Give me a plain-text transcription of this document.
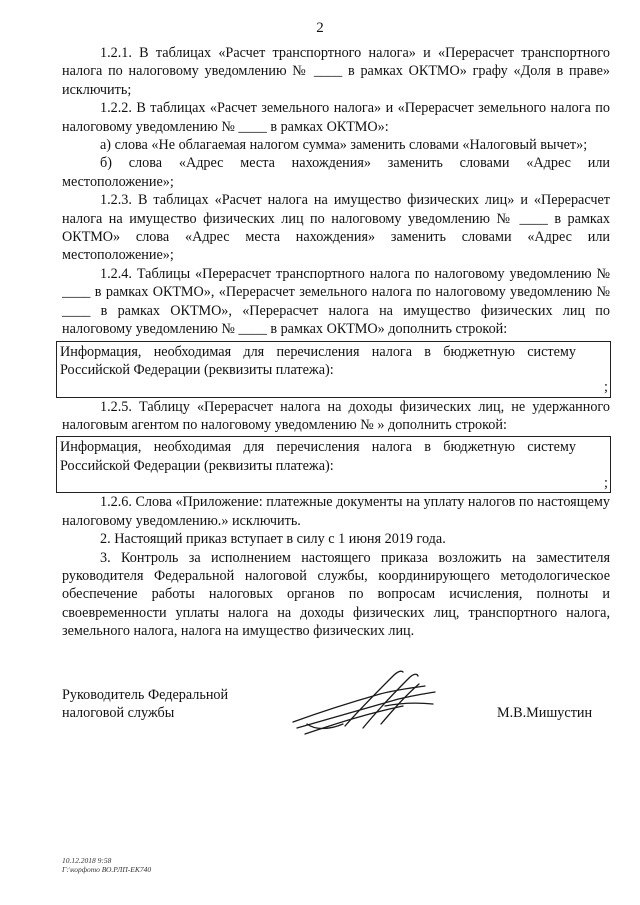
2

1.2.1. В таблицах «Расчет транспортного налога» и «Перерасчет транспортного налога по налоговому уведомлению № ____ в рамках ОКТМО» графу «Доля в праве» исключить;

1.2.2. В таблицах «Расчет земельного налога» и «Перерасчет земельного налога по налоговому уведомлению № ____ в рамках ОКТМО»:

а) слова «Не облагаемая налогом сумма» заменить словами «Налоговый вычет»;

б) слова «Адрес места нахождения» заменить словами «Адрес или местоположение»;

1.2.3. В таблицах «Расчет налога на имущество физических лиц» и «Перерасчет налога на имущество физических лиц по налоговому уведомлению № ____ в рамках ОКТМО» слова «Адрес места нахождения» заменить словами «Адрес или местоположение»;

1.2.4. Таблицы «Перерасчет транспортного налога по налоговому уведомлению № ____ в рамках ОКТМО», «Перерасчет земельного налога по налоговому уведомлению № ____ в рамках ОКТМО», «Перерасчет налога на имущество физических лиц по налоговому уведомлению № ____ в рамках ОКТМО» дополнить строкой:

Информация, необходимая для перечисления налога в бюджетную систему Российской Федерации (реквизиты платежа):
;

1.2.5. Таблицу «Перерасчет налога на доходы физических лиц, не удержанного налоговым агентом по налоговому уведомлению № » дополнить строкой:

Информация, необходимая для перечисления налога в бюджетную систему Российской Федерации (реквизиты платежа):
;

1.2.6. Слова «Приложение: платежные документы на уплату налогов по настоящему налоговому уведомлению.» исключить.

2. Настоящий приказ вступает в силу с 1 июня 2019 года.

3. Контроль за исполнением настоящего приказа возложить на заместителя руководителя Федеральной налоговой службы, координирующего методологическое обеспечение работы налоговых органов по вопросам исчисления, полноты и своевременности уплаты налога на доходы физических лиц, транспортного налога, земельного налога, налога на имущество физических лиц.

Руководитель Федеральной
налоговой службы	М.В.Мишустин
10.12.2018 9:58
Г:\корфото ВО.РЛП-ЕК740
